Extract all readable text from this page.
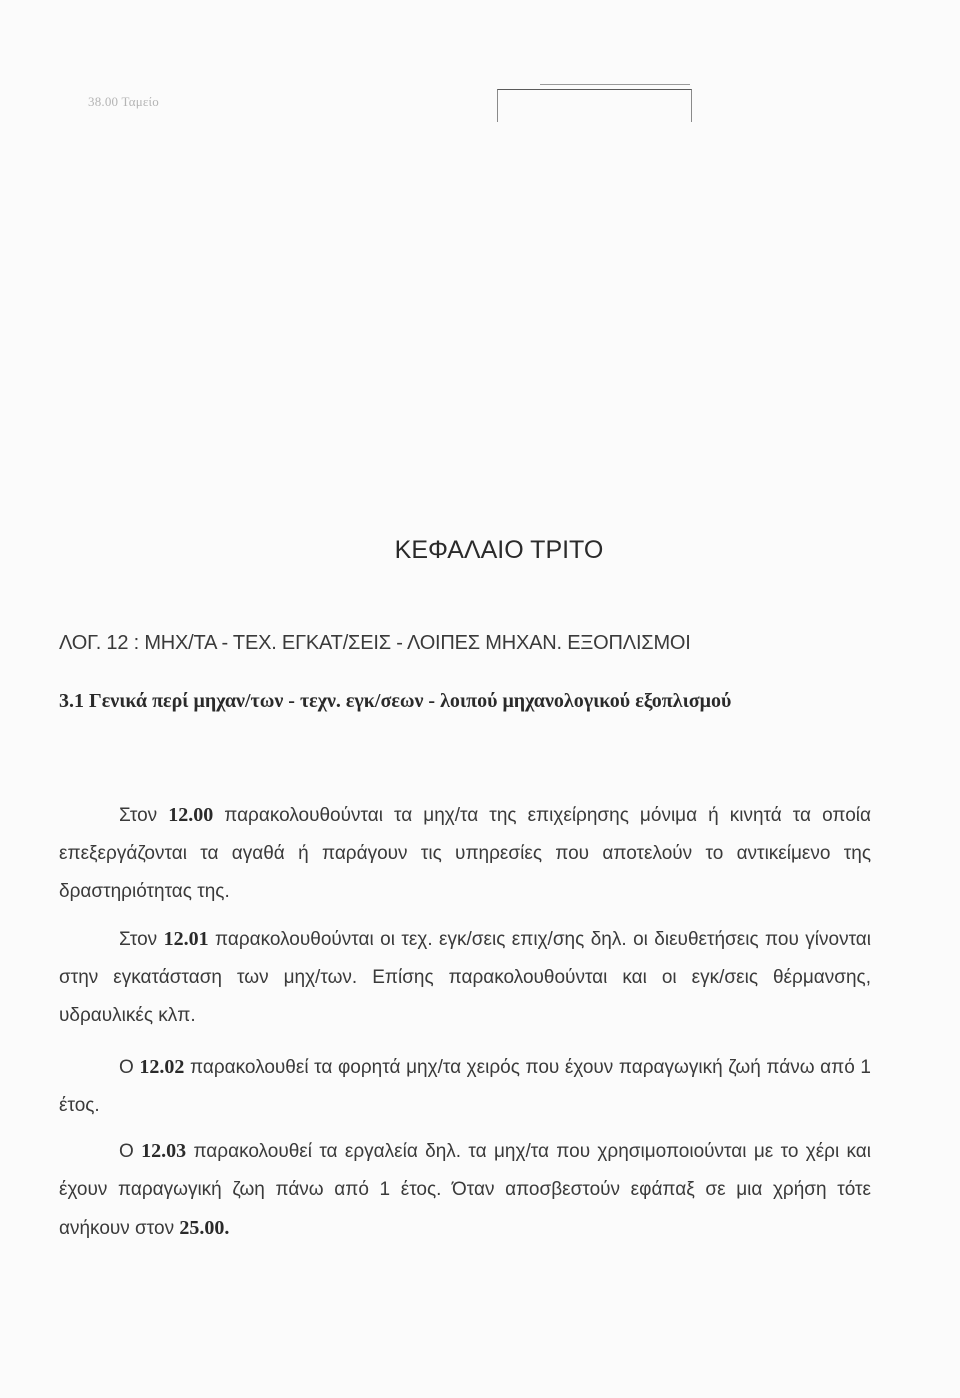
38.00 Ταμείο
ΚΕΦΑΛΑΙΟ ΤΡΙΤΟ
ΛΟΓ. 12 : ΜΗΧ/ΤΑ - ΤΕΧ. ΕΓΚΑΤ/ΣΕΙΣ - ΛΟΙΠΕΣ ΜΗΧΑΝ. ΕΞΟΠΛΙΣΜΟΙ
3.1 Γενικά περί μηχαν/των - τεχν. εγκ/σεων - λοιπού μηχανολογικού εξοπλισμού

Στον 12.00 παρακολουθούνται τα μηχ/τα της επιχείρησης μόνιμα ή κινητά τα οποία επεξεργάζονται τα αγαθά ή παράγουν τις υπηρεσίες που αποτελούν το αντικείμενο της δραστηριότητας της.

Στον 12.01 παρακολουθούνται οι τεχ. εγκ/σεις επιχ/σης δηλ. οι διευθετήσεις που γίνονται στην εγκατάσταση των μηχ/των. Επίσης παρακολουθούνται και οι εγκ/σεις θέρμανσης, υδραυλικές κλπ.

Ο 12.02 παρακολουθεί τα φορητά μηχ/τα χειρός που έχουν παραγωγική ζωή πάνω από 1 έτος.

Ο 12.03 παρακολουθεί τα εργαλεία δηλ. τα μηχ/τα που χρησιμοποιούνται με το χέρι και έχουν παραγωγική ζωη πάνω από 1 έτος. Όταν αποσβεστούν εφάπαξ σε μια χρήση τότε ανήκουν στον 25.00.
